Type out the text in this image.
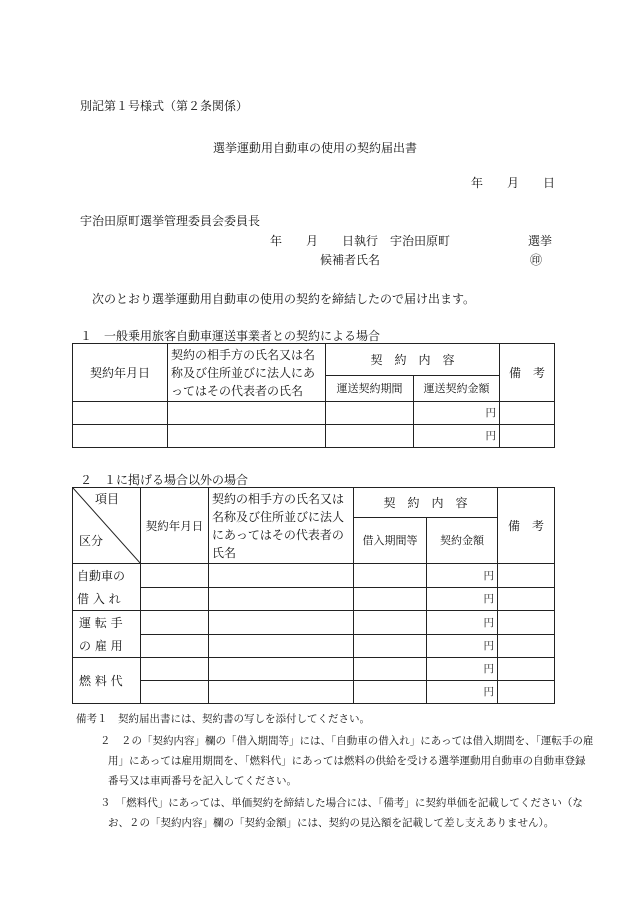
別記第１号様式（第２条関係）
選挙運動用自動車の使用の契約届出書
年　　月　　日
宇治田原町選挙管理委員会委員長
年　　月　　日執行　宇治田原町	選挙
候補者氏名	㊞
次のとおり選挙運動用自動車の使用の契約を締結したので届け出ます。
１　一般乗用旅客自動車運送事業者との契約による場合
契約年月日	契約の相手方の氏名又は名称及び住所並びに法人にあってはその代表者の氏名	契　約　内　容		備　考
		運送契約期間	運送契約金額	
			円	
			円	
２　１に掲げる場合以外の場合
項目
区分	契約年月日	契約の相手方の氏名又は名称及び住所並びに法人にあってはその代表者の氏名	契　約　内　容		備　考
			借入期間等	契約金額	
自動車の				円	
借 入 れ				円	
運 転 手				円	
の 雇 用				円	
燃 料 代				円	
				円	
備考１　契約届出書には、契約書の写しを添付してください。
２　２の「契約内容」欄の「借入期間等」には、「自動車の借入れ」にあっては借入期間を、「運転手の雇
用」にあっては雇用期間を、「燃料代」にあっては燃料の供給を受ける選挙運動用自動車の自動車登録
番号又は車両番号を記入してください。
３　「燃料代」にあっては、単価契約を締結した場合には、「備考」に契約単価を記載してください（な
お、２の「契約内容」欄の「契約金額」には、契約の見込額を記載して差し支えありません）。
